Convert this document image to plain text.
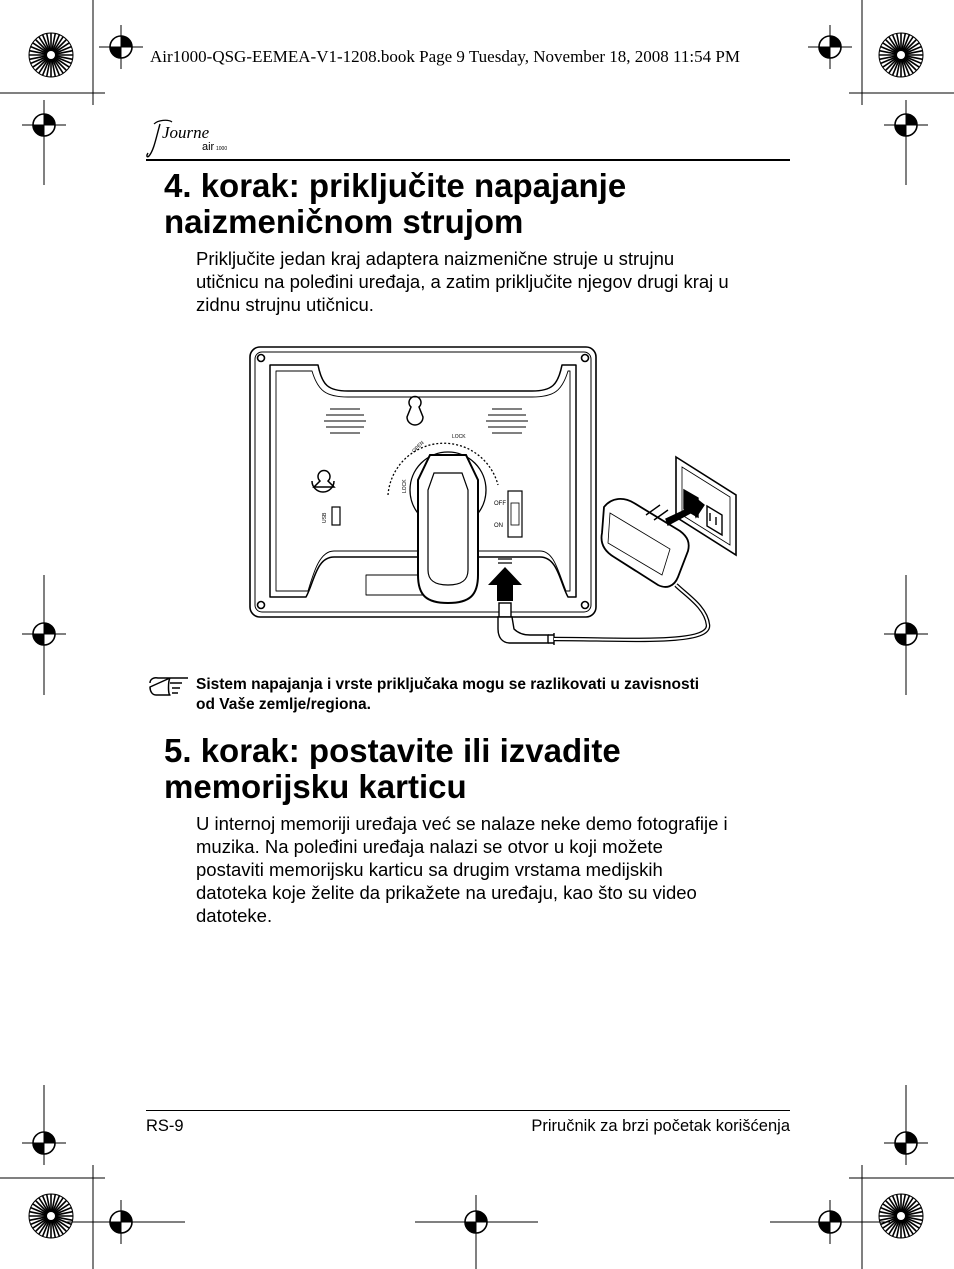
Air1000-QSG-EEMEA-V1-1208.book Page 9 Tuesday, November 18, 2008 11:54 PM
Journe
air 1000
4. korak: priključite napajanje
naizmeničnom strujom

Priključite jedan kraj adaptera naizmenične struje u strujnu
utičnicu na poleđini uređaja, a zatim priključite njegov drugi kraj u
zidnu strujnu utičnicu.

LOCK
OPEN
LOCK
USB
OFF
ON

Sistem napajanja i vrste priključaka mogu se razlikovati u zavisnosti
od Vaše zemlje/regiona.

5. korak: postavite ili izvadite
memorijsku karticu

U internoj memoriji uređaja već se nalaze neke demo fotografije i
muzika. Na poleđini uređaja nalazi se otvor u koji možete
postaviti memorijsku karticu sa drugim vrstama medijskih
datoteka koje želite da prikažete na uređaju, kao što su video
datoteke.

RS-9	Priručnik za brzi početak korišćenja
